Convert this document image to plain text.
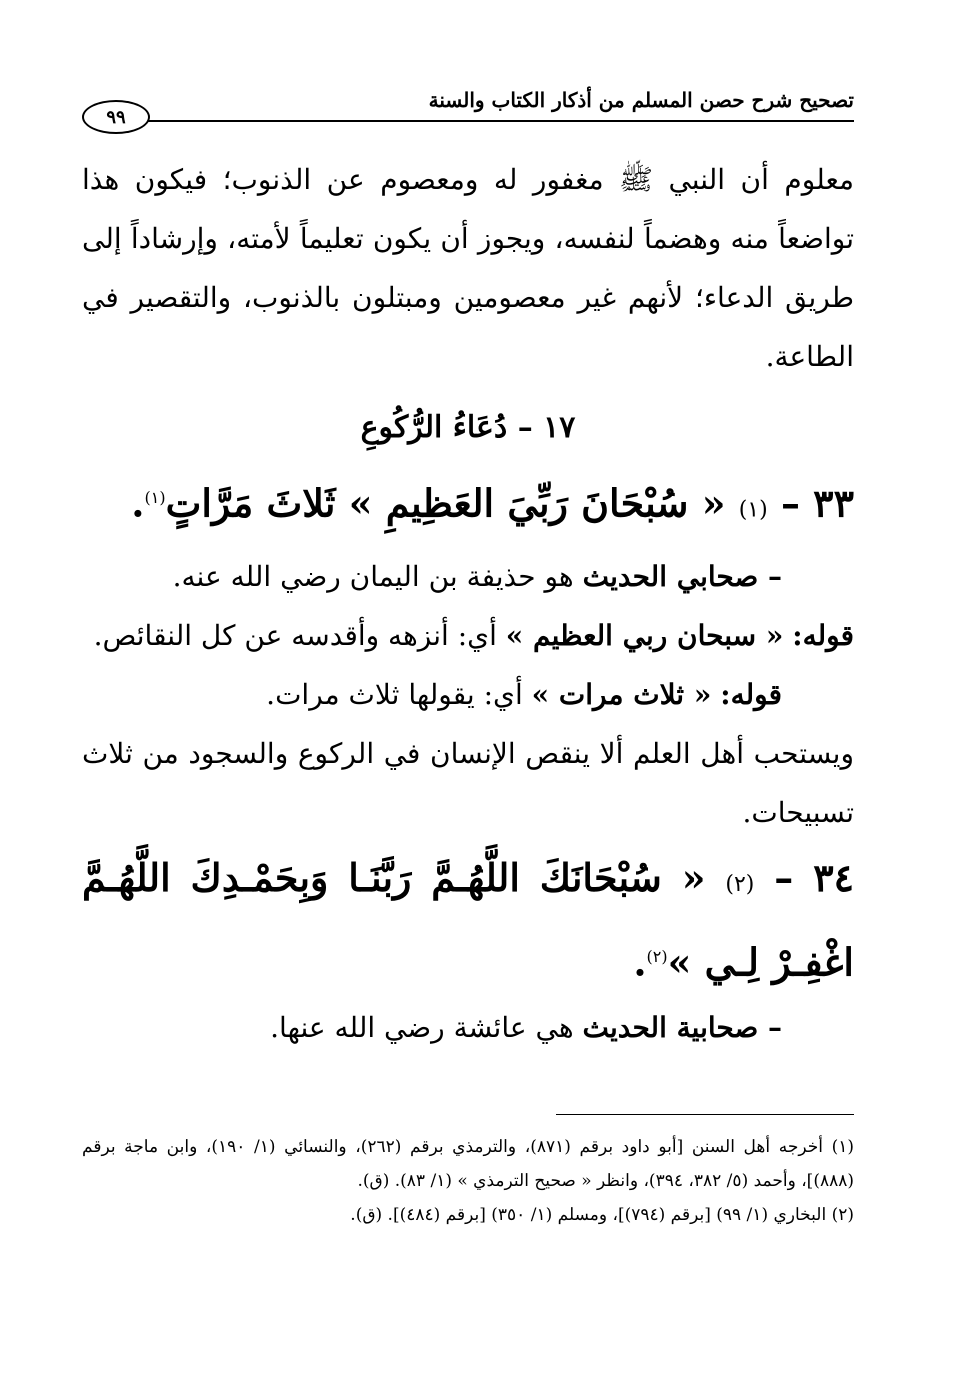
تصحيح شرح حصن المسلم من أذكار الكتاب والسنة
٩٩

معلوم أن النبي ﷺ مغفور له ومعصوم عن الذنوب؛ فيكون هذا تواضعاً منه وهضماً لنفسه، ويجوز أن يكون تعليماً لأمته، وإرشاداً إلى طريق الدعاء؛ لأنهم غير معصومين ومبتلون بالذنوب، والتقصير في الطاعة.

١٧ – دُعَاءُ الرُّكُوعِ

٣٣ – (١) « سُبْحَانَ رَبِّيَ العَظِيمِ » ثَلاثَ مَرَّاتٍ$^{(١)}$.

– صحابي الحديث هو حذيفة بن اليمان رضي الله عنه.

قوله: « سبحان ربي العظيم » أي: أنزهه وأقدسه عن كل النقائص.

قوله: « ثلاث مرات » أي: يقولها ثلاث مرات.

ويستحب أهل العلم ألا ينقص الإنسان في الركوع والسجود من ثلاث تسبيحات.

٣٤ – (٢) « سُبْحَانَكَ اللَّهُـمَّ رَبَّنَـا وَبِحَمْـدِكَ اللَّهُـمَّ اغْفِـرْ لِـي »$^{(٢)}$.

– صحابية الحديث هي عائشة رضي الله عنها.

(١) أخرجه أهل السنن [أبو داود برقم (٨٧١)، والترمذي برقم (٢٦٢)، والنسائي (١/ ١٩٠)، وابن ماجة برقم (٨٨٨)]، وأحمد (٥/ ٣٨٢، ٣٩٤)، وانظر « صحيح الترمذي » (١/ ٨٣). (ق).

(٢) البخاري (١/ ٩٩) [برقم (٧٩٤)]، ومسلم (١/ ٣٥٠) [برقم (٤٨٤)]. (ق).
